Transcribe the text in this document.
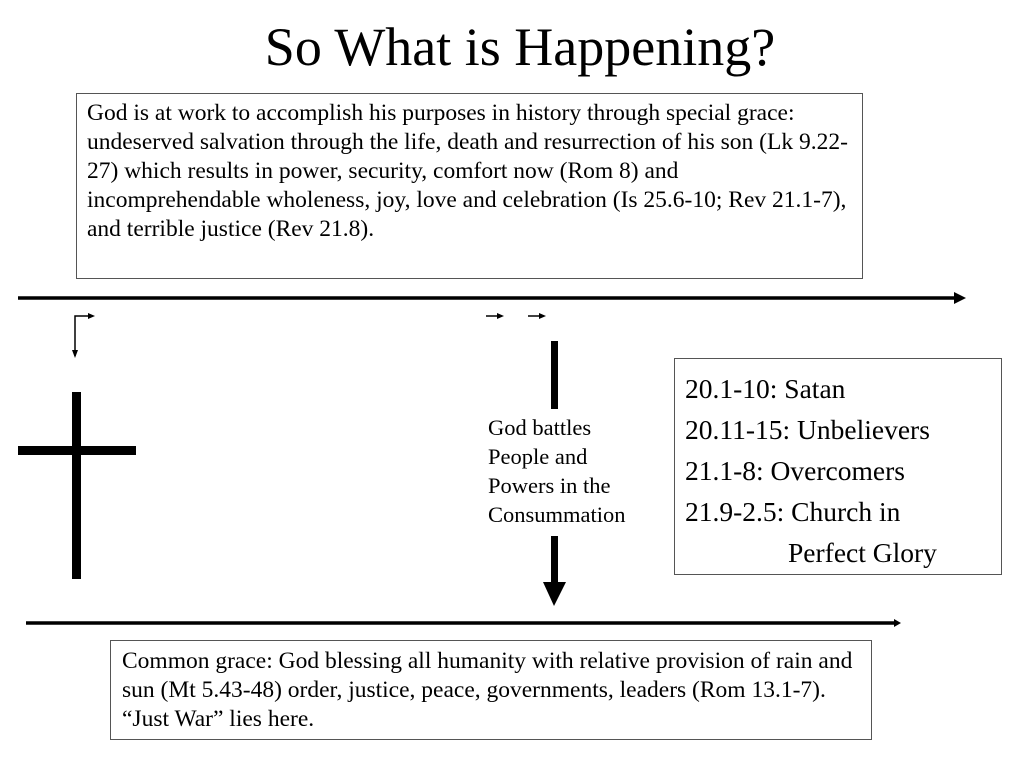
So What is Happening?
God is at work to accomplish his purposes in history through special grace: undeserved salvation through the life, death and resurrection of his son (Lk 9.22-27) which results in power, security, comfort now (Rom 8) and incomprehendable wholeness, joy, love and celebration (Is 25.6-10; Rev 21.1-7), and terrible justice (Rev 21.8).
God battles
People and
Powers in the
Consummation
20.1-10: Satan
20.11-15: Unbelievers
21.1-8: Overcomers
21.9-2.5: Church in
Perfect Glory
Common grace: God blessing all humanity with relative provision of rain and sun (Mt 5.43-48) order, justice, peace, governments, leaders (Rom 13.1-7). “Just War” lies here.
